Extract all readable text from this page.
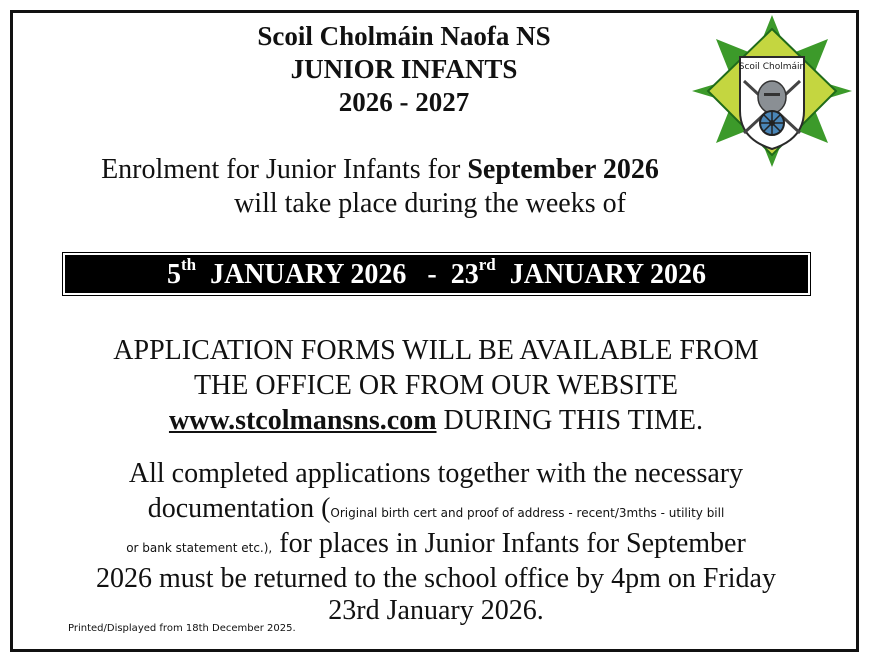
Scoil Cholmáin Naofa NS
JUNIOR INFANTS
2026 - 2027
Scoil Cholmáin
Enrolment for Junior Infants for September 2026
will take place during the weeks of
5th JANUARY 2026 - 23rd JANUARY 2026
APPLICATION FORMS WILL BE AVAILABLE FROM
THE OFFICE OR FROM OUR WEBSITE
www.stcolmansns.com DURING THIS TIME.
All completed applications together with the necessary
documentation (Original birth cert and proof of address - recent/3mths - utility bill
or bank statement etc.), for places in Junior Infants for September
2026 must be returned to the school office by 4pm on Friday
23rd January 2026.
Printed/Displayed from 18th December 2025.
